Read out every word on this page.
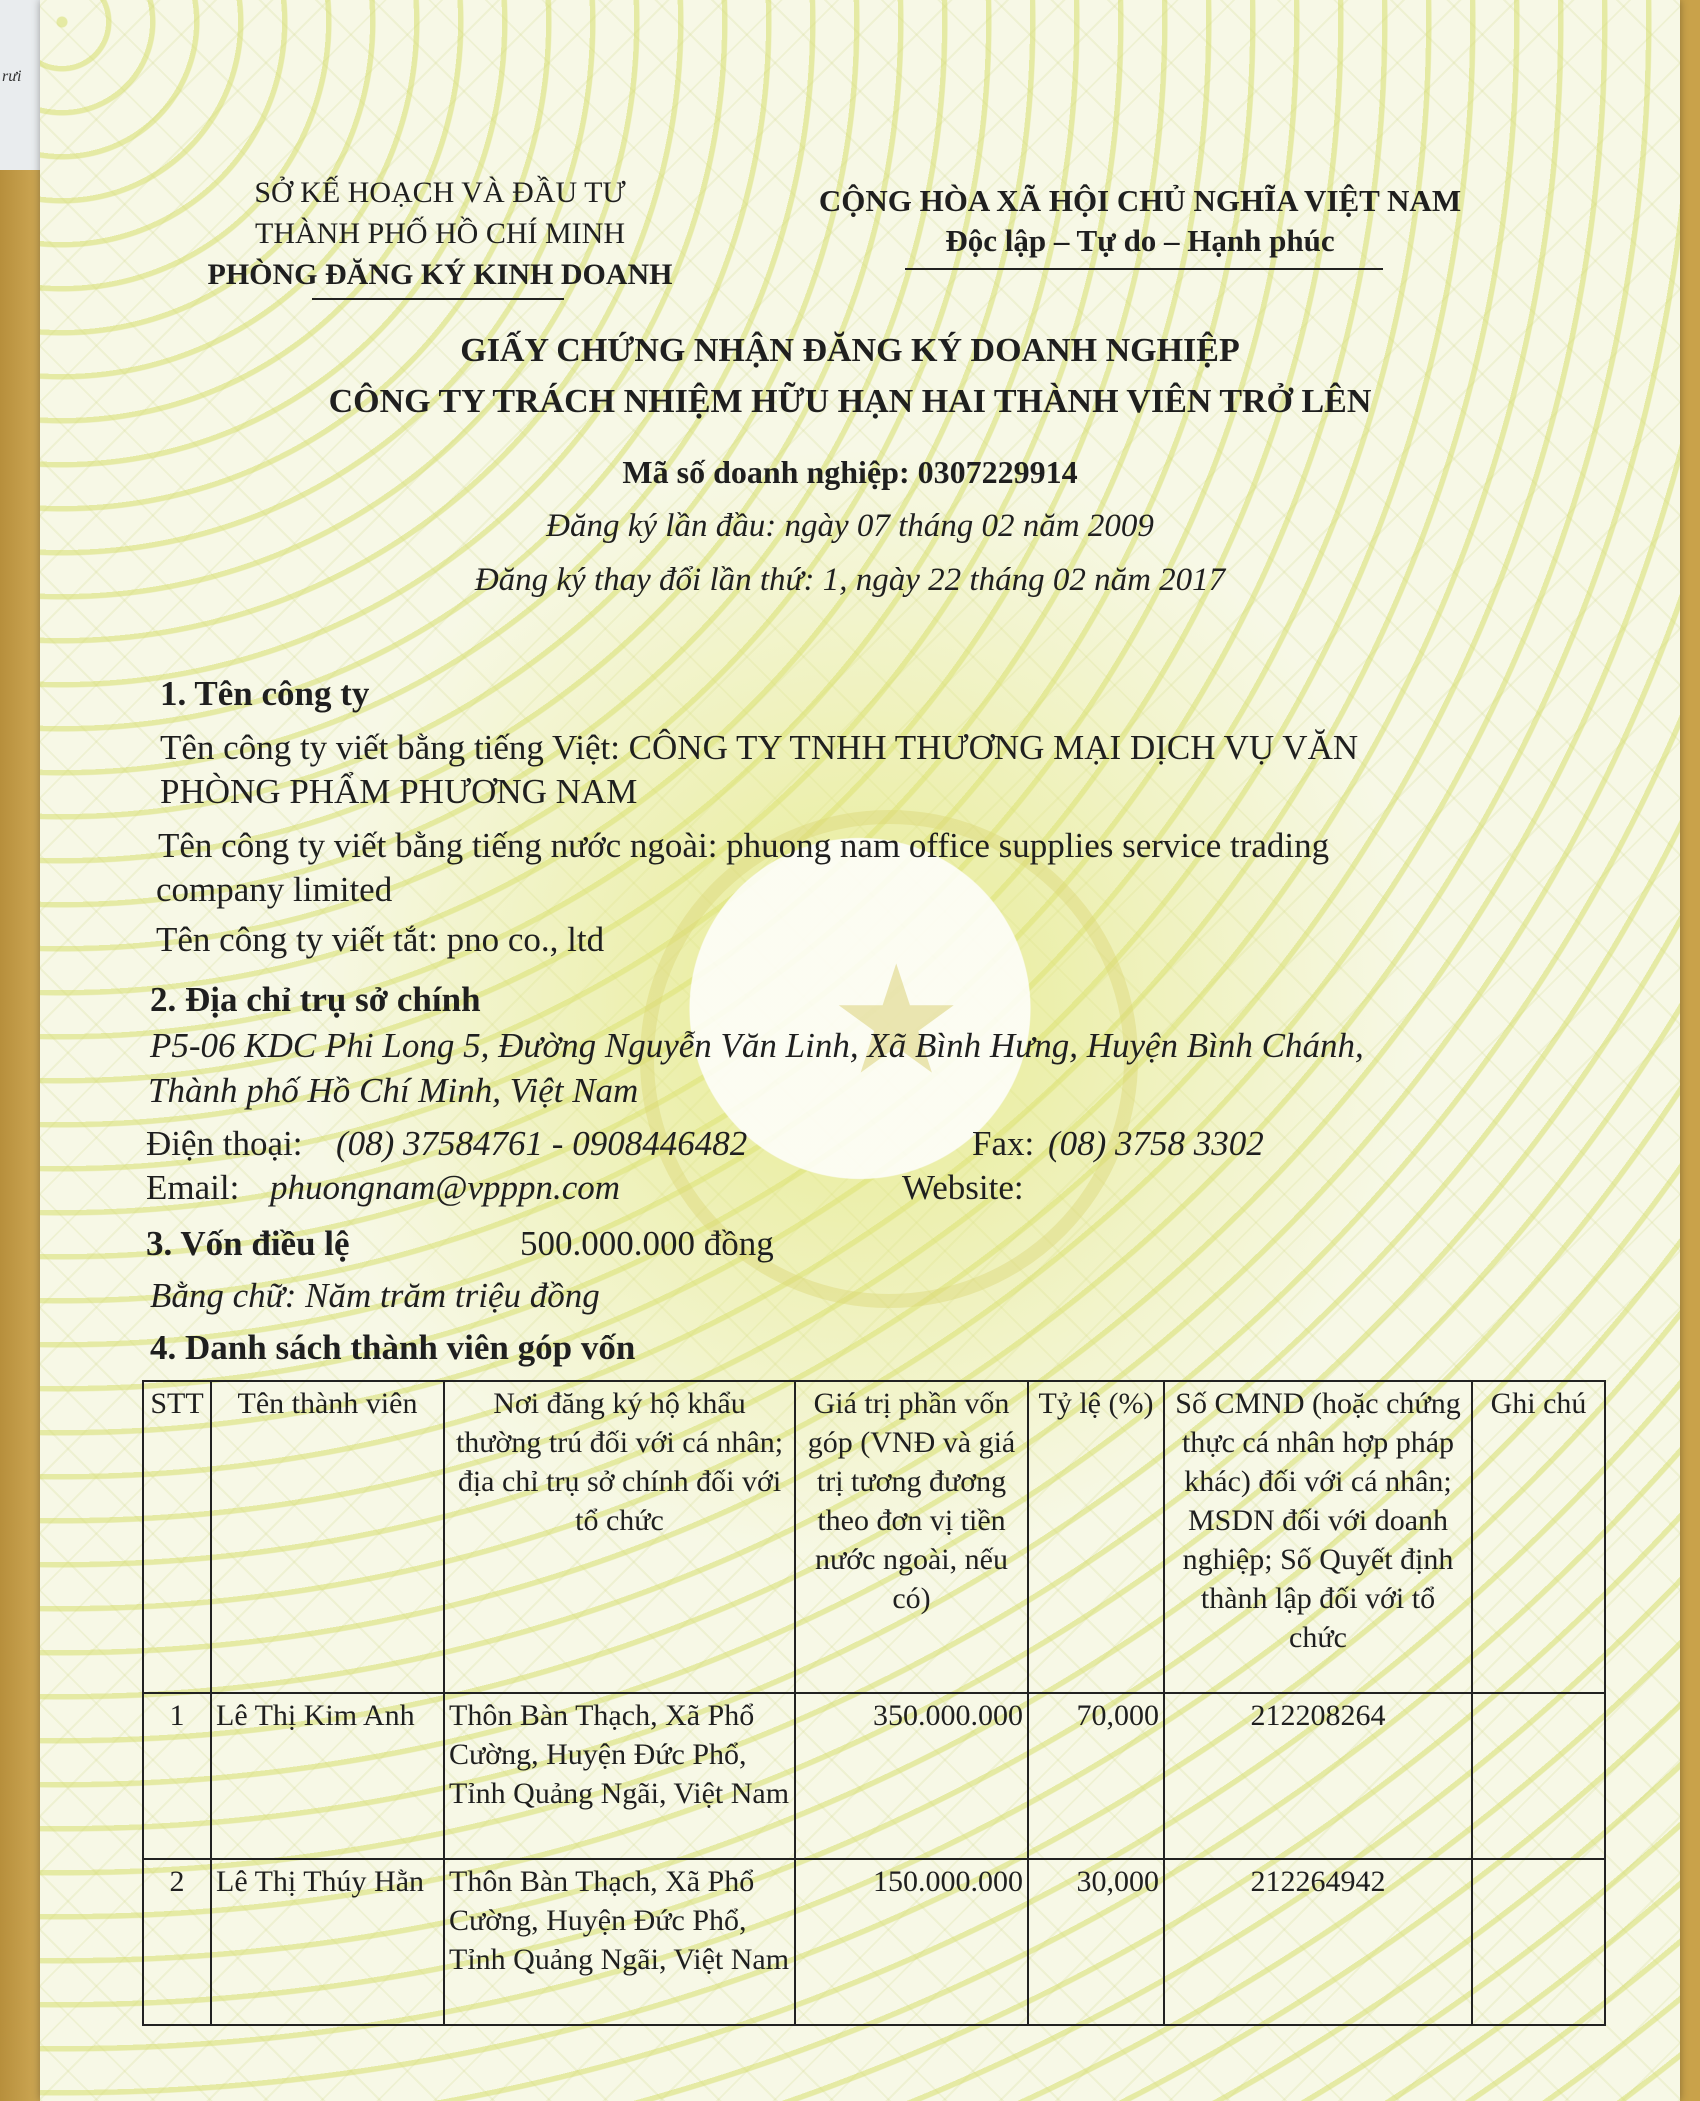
rưi
★
SỞ KẾ HOẠCH VÀ ĐẦU TƯ
THÀNH PHỐ HỒ CHÍ MINH
PHÒNG ĐĂNG KÝ KINH DOANH
CỘNG HÒA XÃ HỘI CHỦ NGHĨA VIỆT NAM
Độc lập – Tự do – Hạnh phúc
GIẤY CHỨNG NHẬN ĐĂNG KÝ DOANH NGHIỆP
CÔNG TY TRÁCH NHIỆM HỮU HẠN HAI THÀNH VIÊN TRỞ LÊN
Mã số doanh nghiệp: 0307229914
Đăng ký lần đầu: ngày 07 tháng 02 năm 2009
Đăng ký thay đổi lần thứ: 1, ngày 22 tháng 02 năm 2017
1. Tên công ty
Tên công ty viết bằng tiếng Việt: CÔNG TY TNHH THƯƠNG MẠI DỊCH VỤ VĂN
PHÒNG PHẨM PHƯƠNG NAM
Tên công ty viết bằng tiếng nước ngoài: phuong nam office supplies service trading
company limited
Tên công ty viết tắt: pno co., ltd
2. Địa chỉ trụ sở chính
P5-06 KDC Phi Long 5, Đường Nguyễn Văn Linh, Xã Bình Hưng, Huyện Bình Chánh,
Thành phố Hồ Chí Minh, Việt Nam
Điện thoại: (08) 37584761 - 0908446482	Fax: (08) 3758 3302
Email: phuongnam@vpppn.com	Website:
3. Vốn điều lệ	500.000.000 đồng
Bằng chữ: Năm trăm triệu đồng
4. Danh sách thành viên góp vốn
STT	Tên thành viên	Nơi đăng ký hộ khẩu thường trú đối với cá nhân; địa chỉ trụ sở chính đối với tổ chức	Giá trị phần vốn góp (VNĐ và giá trị tương đương theo đơn vị tiền nước ngoài, nếu có)	Tỷ lệ (%)	Số CMND (hoặc chứng thực cá nhân hợp pháp khác) đối với cá nhân; MSDN đối với doanh nghiệp; Số Quyết định thành lập đối với tổ chức	Ghi chú
1	Lê Thị Kim Anh	Thôn Bàn Thạch, Xã Phổ Cường, Huyện Đức Phổ, Tỉnh Quảng Ngãi, Việt Nam	350.000.000	70,000	212208264	
2	Lê Thị Thúy Hằn	Thôn Bàn Thạch, Xã Phổ Cường, Huyện Đức Phổ, Tỉnh Quảng Ngãi, Việt Nam	150.000.000	30,000	212264942	
